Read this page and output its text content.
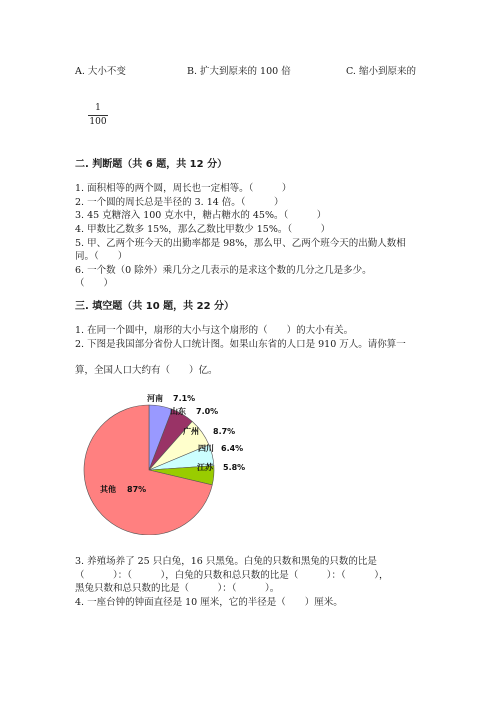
A. 大小不变	B. 扩大到原来的 100 倍	C. 缩小到原来的
1
100
二. 判断题（共 6 题，共 12 分）
1. 面积相等的两个圆，周长也一定相等。（　　　）
2. 一个圆的周长总是半径的 3. 14 倍。（　　　）
3. 45 克糖溶入 100 克水中，糖占糖水的 45%。（　　　）
4. 甲数比乙数多 15%，那么乙数比甲数少 15%。（　　　）
5. 甲、乙两个班今天的出勤率都是 98%，那么甲、乙两个班今天的出勤人数相
同。（　　）
6. 一个数（0 除外）乘几分之几表示的是求这个数的几分之几是多少。
（　　）
三. 填空题（共 10 题，共 22 分）
1. 在同一个圆中，扇形的大小与这个扇形的（　　）的大小有关。
2. 下图是我国部分省份人口统计图。如果山东省的人口是 910 万人。请你算一
算，全国人口大约有（　　）亿。
河南 7.1%
山东 7.0%
广州 8.7%
四川 6.4%
江苏 5.8%
其他 87%
3. 养殖场养了 25 只白兔，16 只黑兔。白兔的只数和黑兔的只数的比是
（　　　）：（　　　），白兔的只数和总只数的比是（　　　）：（　　　），
黑兔只数和总只数的比是（　　　）：（　　　）。
4. 一座台钟的钟面直径是 10 厘米，它的半径是（　　）厘米。
